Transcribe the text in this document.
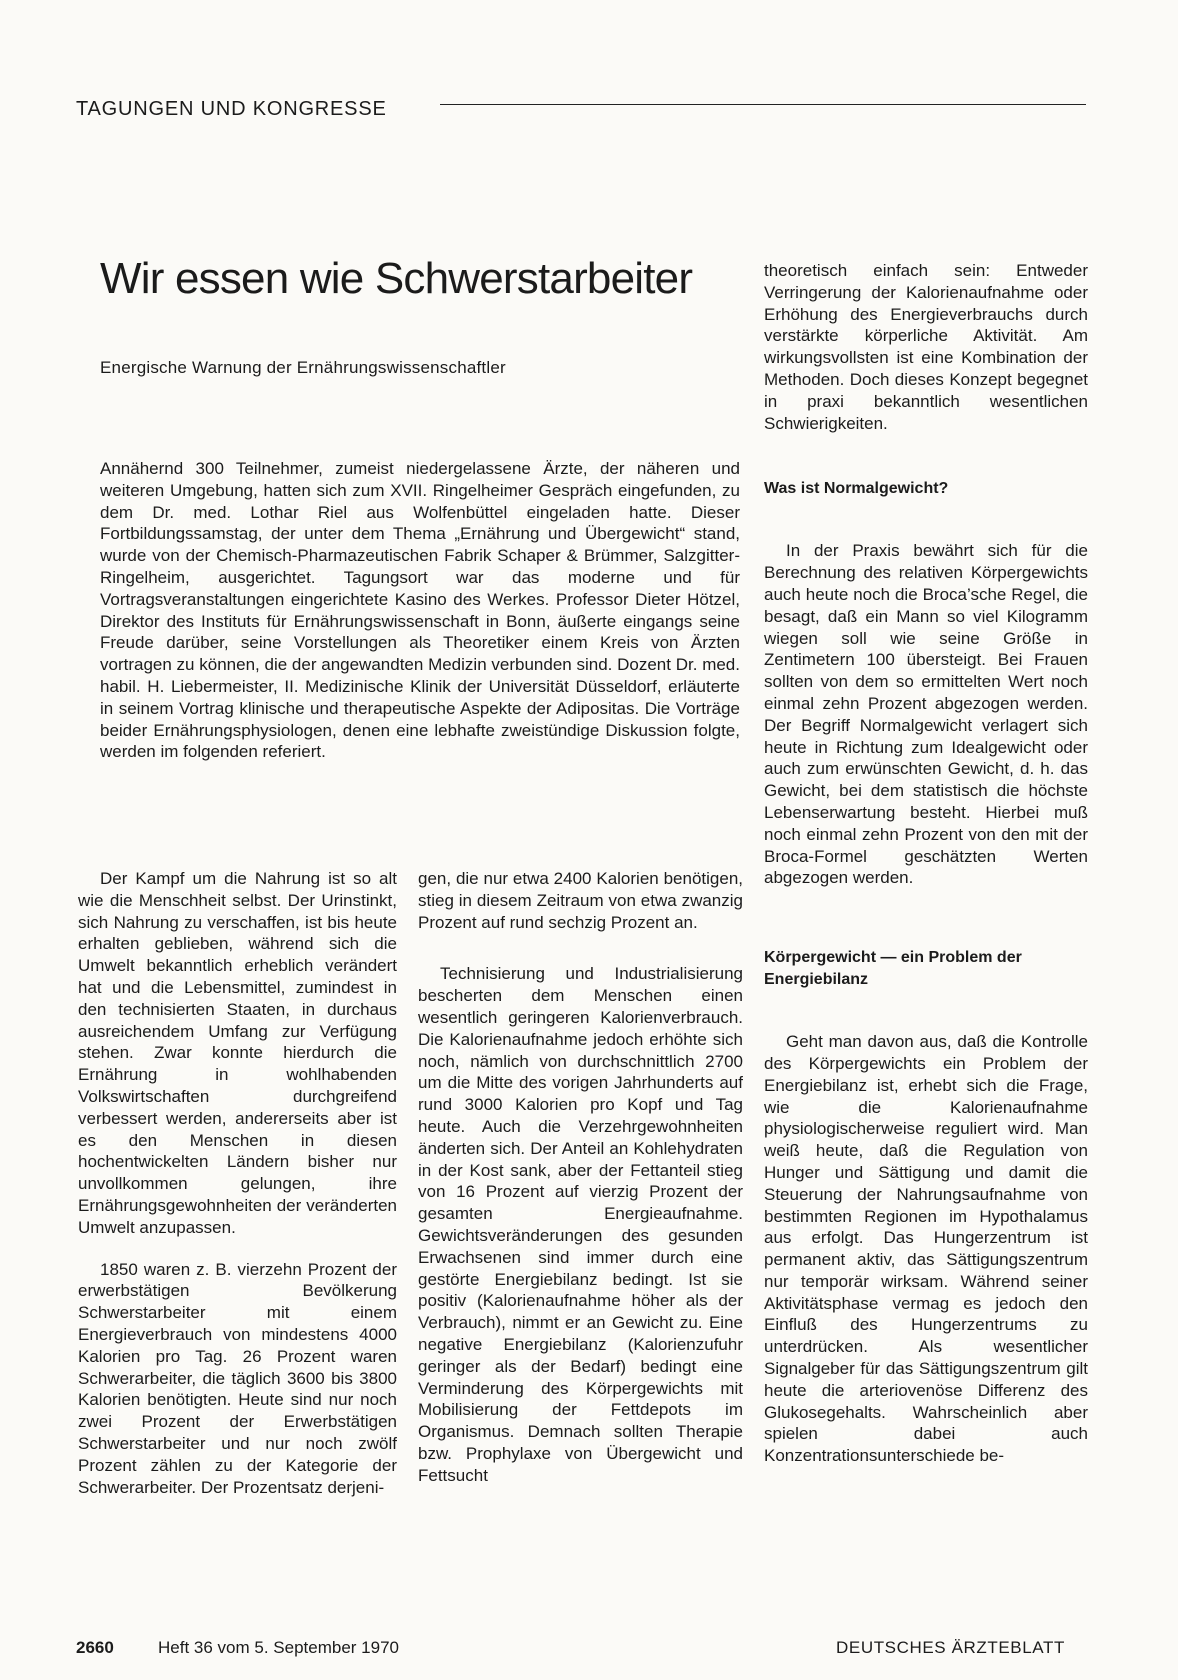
TAGUNGEN UND KONGRESSE
Wir essen wie Schwerstarbeiter
Energische Warnung der Ernährungswissenschaftler
Annähernd 300 Teilnehmer, zumeist niedergelassene Ärzte, der näheren und weiteren Umgebung, hatten sich zum XVII. Ringelheimer Gespräch eingefunden, zu dem Dr. med. Lothar Riel aus Wolfenbüttel eingeladen hatte. Dieser Fortbildungssamstag, der unter dem Thema „Ernährung und Übergewicht“ stand, wurde von der Chemisch-Pharmazeutischen Fabrik Schaper & Brümmer, Salzgitter-Ringelheim, ausgerichtet. Tagungsort war das moderne und für Vortragsveranstaltungen eingerichtete Kasino des Werkes. Professor Dieter Hötzel, Direktor des Instituts für Ernährungswissenschaft in Bonn, äußerte eingangs seine Freude darüber, seine Vorstellungen als Theoretiker einem Kreis von Ärzten vortragen zu können, die der angewandten Medizin verbunden sind. Dozent Dr. med. habil. H. Liebermeister, II. Medizinische Klinik der Universität Düsseldorf, erläuterte in seinem Vortrag klinische und therapeutische Aspekte der Adipositas. Die Vorträge beider Ernährungsphysiologen, denen eine lebhafte zweistündige Diskussion folgte, werden im folgenden referiert.

Der Kampf um die Nahrung ist so alt wie die Menschheit selbst. Der Urinstinkt, sich Nahrung zu verschaffen, ist bis heute erhalten geblieben, während sich die Umwelt bekanntlich erheblich verändert hat und die Lebensmittel, zumindest in den technisierten Staaten, in durchaus ausreichendem Umfang zur Verfügung stehen. Zwar konnte hierdurch die Ernährung in wohlhabenden Volkswirtschaften durchgreifend verbessert werden, andererseits aber ist es den Menschen in diesen hochentwickelten Ländern bisher nur unvollkommen gelungen, ihre Ernährungsgewohnheiten der veränderten Umwelt anzupassen.

1850 waren z. B. vierzehn Prozent der erwerbstätigen Bevölkerung Schwerstarbeiter mit einem Energieverbrauch von mindestens 4000 Kalorien pro Tag. 26 Prozent waren Schwerarbeiter, die täglich 3600 bis 3800 Kalorien benötigten. Heute sind nur noch zwei Prozent der Erwerbstätigen Schwerstarbeiter und nur noch zwölf Prozent zählen zu der Kategorie der Schwerarbeiter. Der Prozentsatz derjeni-

gen, die nur etwa 2400 Kalorien benötigen, stieg in diesem Zeitraum von etwa zwanzig Prozent auf rund sechzig Prozent an.

Technisierung und Industrialisierung bescherten dem Menschen einen wesentlich geringeren Kalorienverbrauch. Die Kalorienaufnahme jedoch erhöhte sich noch, nämlich von durchschnittlich 2700 um die Mitte des vorigen Jahrhunderts auf rund 3000 Kalorien pro Kopf und Tag heute. Auch die Verzehrgewohnheiten änderten sich. Der Anteil an Kohlehydraten in der Kost sank, aber der Fettanteil stieg von 16 Prozent auf vierzig Prozent der gesamten Energieaufnahme. Gewichtsveränderungen des gesunden Erwachsenen sind immer durch eine gestörte Energiebilanz bedingt. Ist sie positiv (Kalorienaufnahme höher als der Verbrauch), nimmt er an Gewicht zu. Eine negative Energiebilanz (Kalorienzufuhr geringer als der Bedarf) bedingt eine Verminderung des Körpergewichts mit Mobilisierung der Fettdepots im Organismus. Demnach sollten Therapie bzw. Prophylaxe von Übergewicht und Fettsucht

theoretisch einfach sein: Entweder Verringerung der Kalorienaufnahme oder Erhöhung des Energieverbrauchs durch verstärkte körperliche Aktivität. Am wirkungsvollsten ist eine Kombination der Methoden. Doch dieses Konzept begegnet in praxi bekanntlich wesentlichen Schwierigkeiten.

Was ist Normalgewicht?

In der Praxis bewährt sich für die Berechnung des relativen Körpergewichts auch heute noch die Broca’sche Regel, die besagt, daß ein Mann so viel Kilogramm wiegen soll wie seine Größe in Zentimetern 100 übersteigt. Bei Frauen sollten von dem so ermittelten Wert noch einmal zehn Prozent abgezogen werden. Der Begriff Normalgewicht verlagert sich heute in Richtung zum Idealgewicht oder auch zum erwünschten Gewicht, d. h. das Gewicht, bei dem statistisch die höchste Lebenserwartung besteht. Hierbei muß noch einmal zehn Prozent von den mit der Broca-Formel geschätzten Werten abgezogen werden.

Körpergewicht — ein Problem der Energiebilanz

Geht man davon aus, daß die Kontrolle des Körpergewichts ein Problem der Energiebilanz ist, erhebt sich die Frage, wie die Kalorienaufnahme physiologischerweise reguliert wird. Man weiß heute, daß die Regulation von Hunger und Sättigung und damit die Steuerung der Nahrungsaufnahme von bestimmten Regionen im Hypothalamus aus erfolgt. Das Hungerzentrum ist permanent aktiv, das Sättigungszentrum nur temporär wirksam. Während seiner Aktivitätsphase vermag es jedoch den Einfluß des Hungerzentrums zu unterdrücken. Als wesentlicher Signalgeber für das Sättigungszentrum gilt heute die arteriovenöse Differenz des Glukosegehalts. Wahrscheinlich aber spielen dabei auch Konzentrationsunterschiede be-

2660	Heft 36 vom 5. September 1970	DEUTSCHES ÄRZTEBLATT
